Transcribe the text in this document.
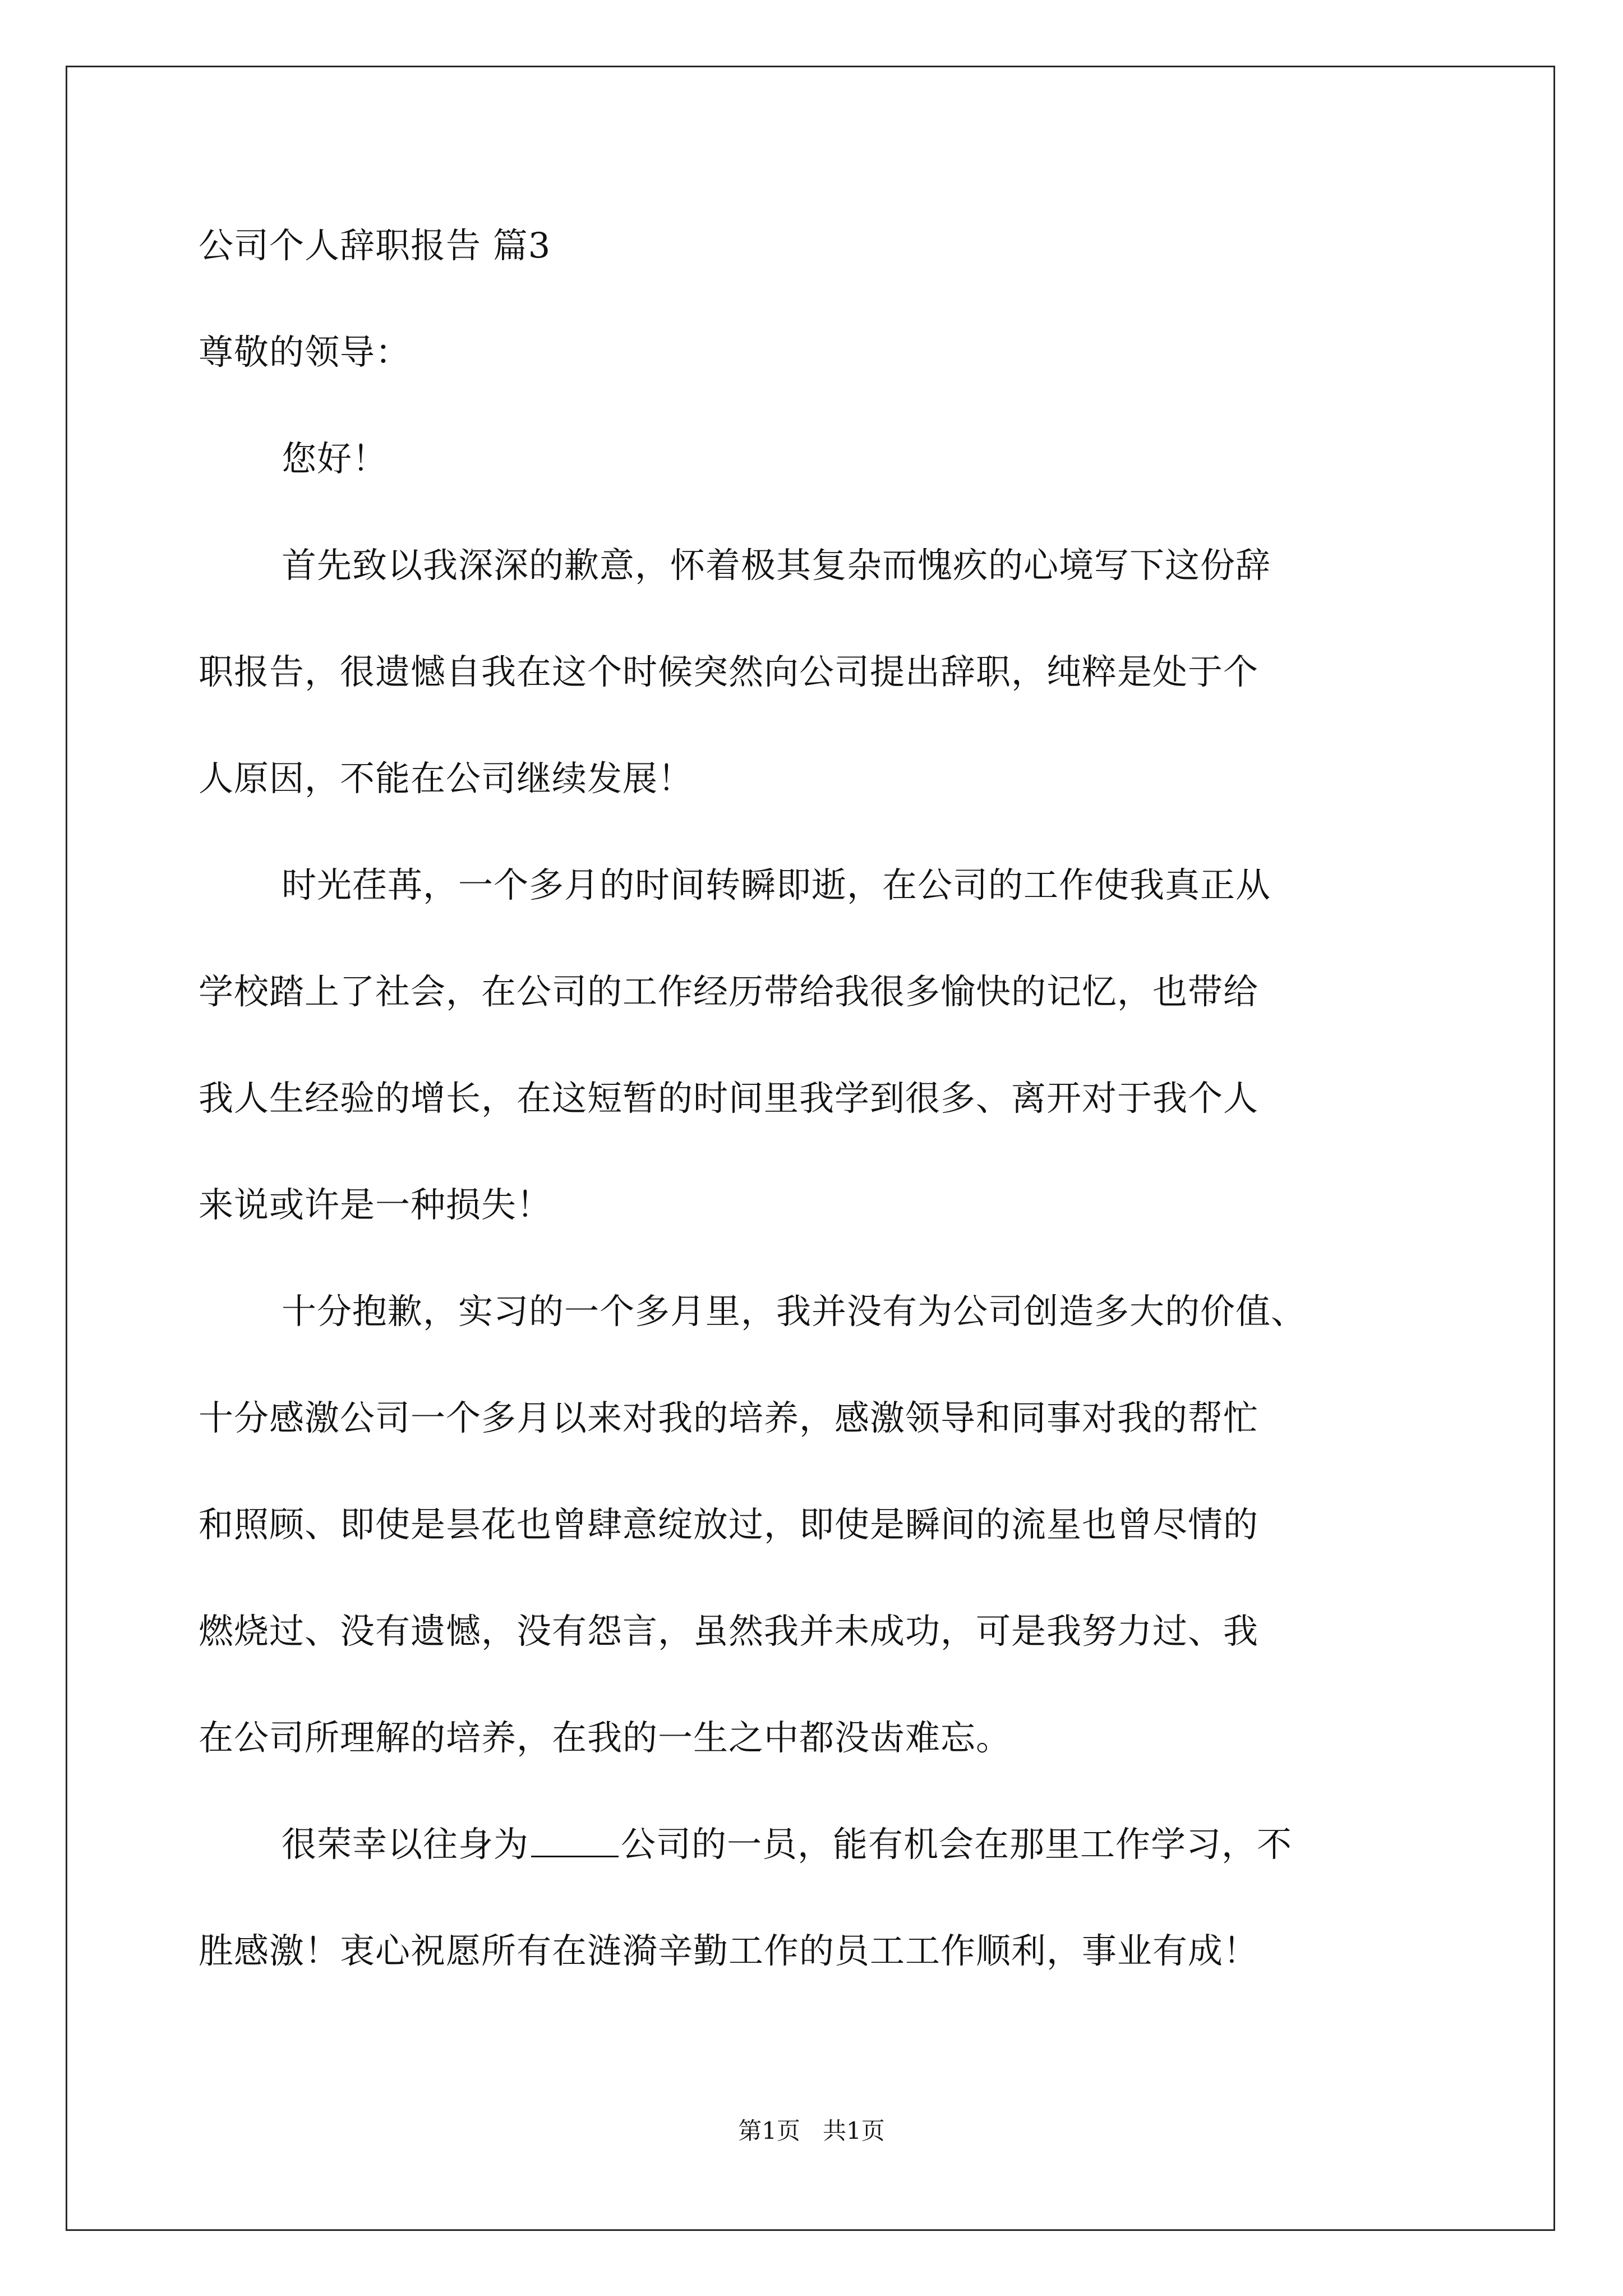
公司个人辞职报告 篇3
尊敬的领导：
您好！
首先致以我深深的歉意，怀着极其复杂而愧疚的心境写下这份辞
职报告，很遗憾自我在这个时候突然向公司提出辞职，纯粹是处于个
人原因，不能在公司继续发展！
时光荏苒，一个多月的时间转瞬即逝，在公司的工作使我真正从
学校踏上了社会，在公司的工作经历带给我很多愉快的记忆，也带给
我人生经验的增长，在这短暂的时间里我学到很多、离开对于我个人
来说或许是一种损失！
十分抱歉，实习的一个多月里，我并没有为公司创造多大的价值、
十分感激公司一个多月以来对我的培养，感激领导和同事对我的帮忙
和照顾、即使是昙花也曾肆意绽放过，即使是瞬间的流星也曾尽情的
燃烧过、没有遗憾，没有怨言，虽然我并未成功，可是我努力过、我
在公司所理解的培养，在我的一生之中都没齿难忘。
很荣幸以往身为	公司的一员，能有机会在那里工作学习，不
胜感激！衷心祝愿所有在涟漪辛勤工作的员工工作顺利，事业有成！
第1页   共1页
